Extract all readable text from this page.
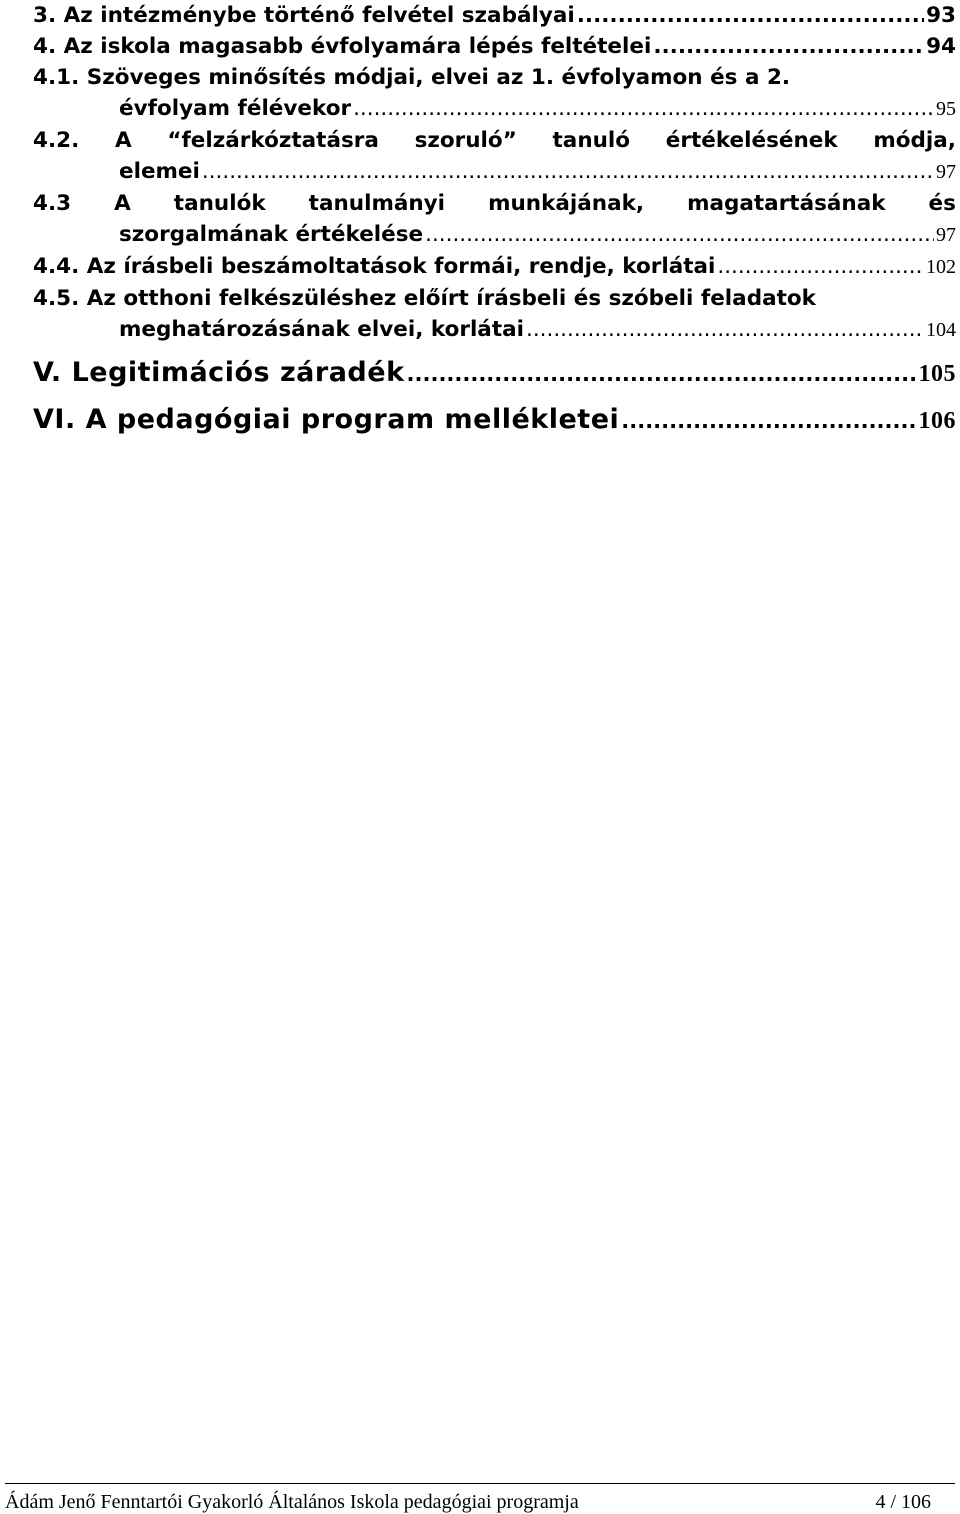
3. Az intézménybe történő felvétel szabályai .....	93
4. Az iskola magasabb évfolyamára lépés feltételei .....	94
4.1. Szöveges minősítés módjai, elvei az 1. évfolyamon és a 2.
évfolyam félévekor .....	95
4.2. A “felzárkóztatásra szoruló” tanuló értékelésének módja,
elemei .....	97
4.3 A tanulók tanulmányi munkájának, magatartásának és
szorgalmának értékelése .....	97
4.4. Az írásbeli beszámoltatások formái, rendje, korlátai .....	102
4.5. Az otthoni felkészüléshez előírt írásbeli és szóbeli feladatok
meghatározásának elvei, korlátai .....	104
V. Legitimációs záradék .....	105
VI. A pedagógiai program mellékletei .....	106
Ádám Jenő Fenntartói Gyakorló Általános Iskola pedagógiai programja	4 / 106
